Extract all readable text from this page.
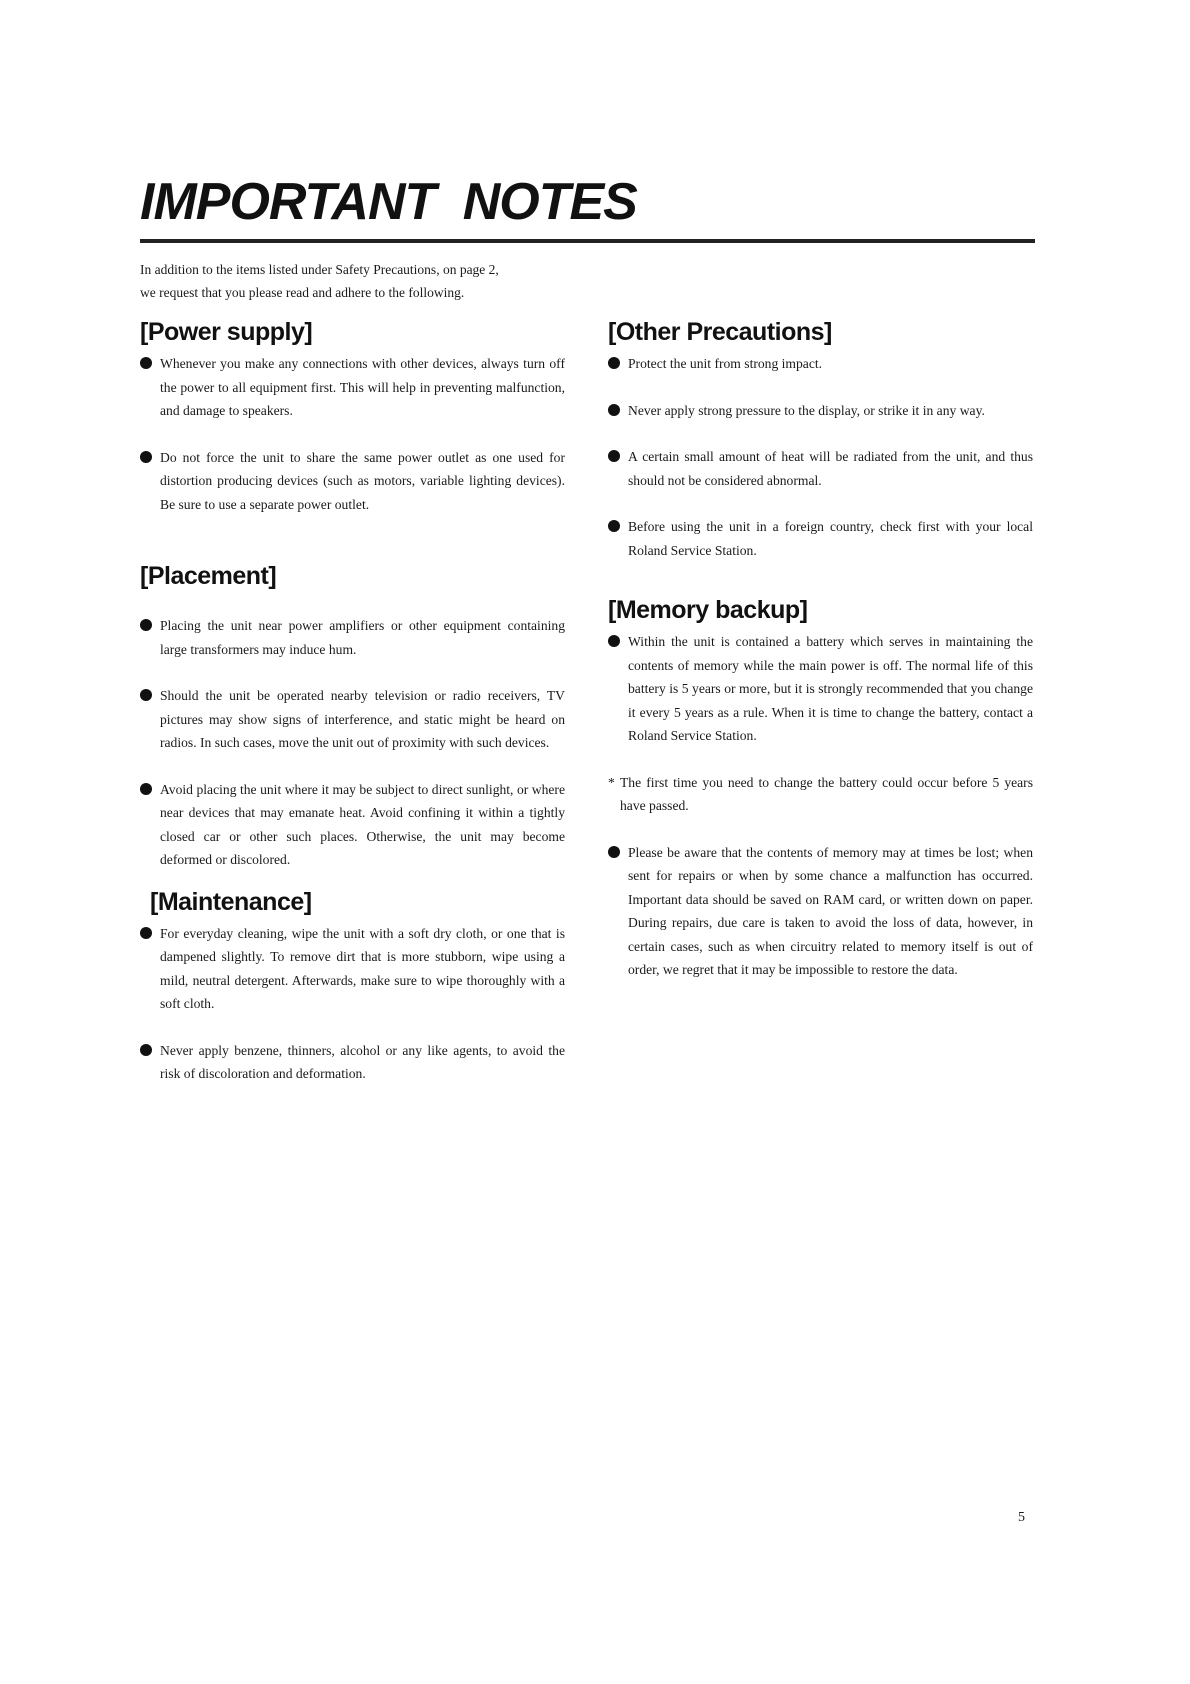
IMPORTANT NOTES

In addition to the items listed under Safety Precautions, on page 2,

we request that you please read and adhere to the following.

[Power supply]
Whenever you make any connections with other devices, always turn off the power to all equipment first. This will help in preventing malfunction, and damage to speakers.
Do not force the unit to share the same power outlet as one used for distortion producing devices (such as motors, variable lighting devices). Be sure to use a separate power outlet.
[Placement]
Placing the unit near power amplifiers or other equipment containing large transformers may induce hum.
Should the unit be operated nearby television or radio receivers, TV pictures may show signs of interference, and static might be heard on radios. In such cases, move the unit out of proximity with such devices.
Avoid placing the unit where it may be subject to direct sunlight, or where near devices that may emanate heat. Avoid confining it within a tightly closed car or other such places. Otherwise, the unit may become deformed or discolored.
[Maintenance]
For everyday cleaning, wipe the unit with a soft dry cloth, or one that is dampened slightly. To remove dirt that is more stubborn, wipe using a mild, neutral detergent. Afterwards, make sure to wipe thoroughly with a soft cloth.
Never apply benzene, thinners, alcohol or any like agents, to avoid the risk of discoloration and deformation.
[Other Precautions]
Protect the unit from strong impact.
Never apply strong pressure to the display, or strike it in any way.
A certain small amount of heat will be radiated from the unit, and thus should not be considered abnormal.
Before using the unit in a foreign country, check first with your local Roland Service Station.
[Memory backup]
Within the unit is contained a battery which serves in maintaining the contents of memory while the main power is off. The normal life of this battery is 5 years or more, but it is strongly recommended that you change it every 5 years as a rule. When it is time to change the battery, contact a Roland Service Station.
* The first time you need to change the battery could occur before 5 years have passed.
Please be aware that the contents of memory may at times be lost; when sent for repairs or when by some chance a malfunction has occurred. Important data should be saved on RAM card, or written down on paper. During repairs, due care is taken to avoid the loss of data, however, in certain cases, such as when circuitry related to memory itself is out of order, we regret that it may be impossible to restore the data.
5
